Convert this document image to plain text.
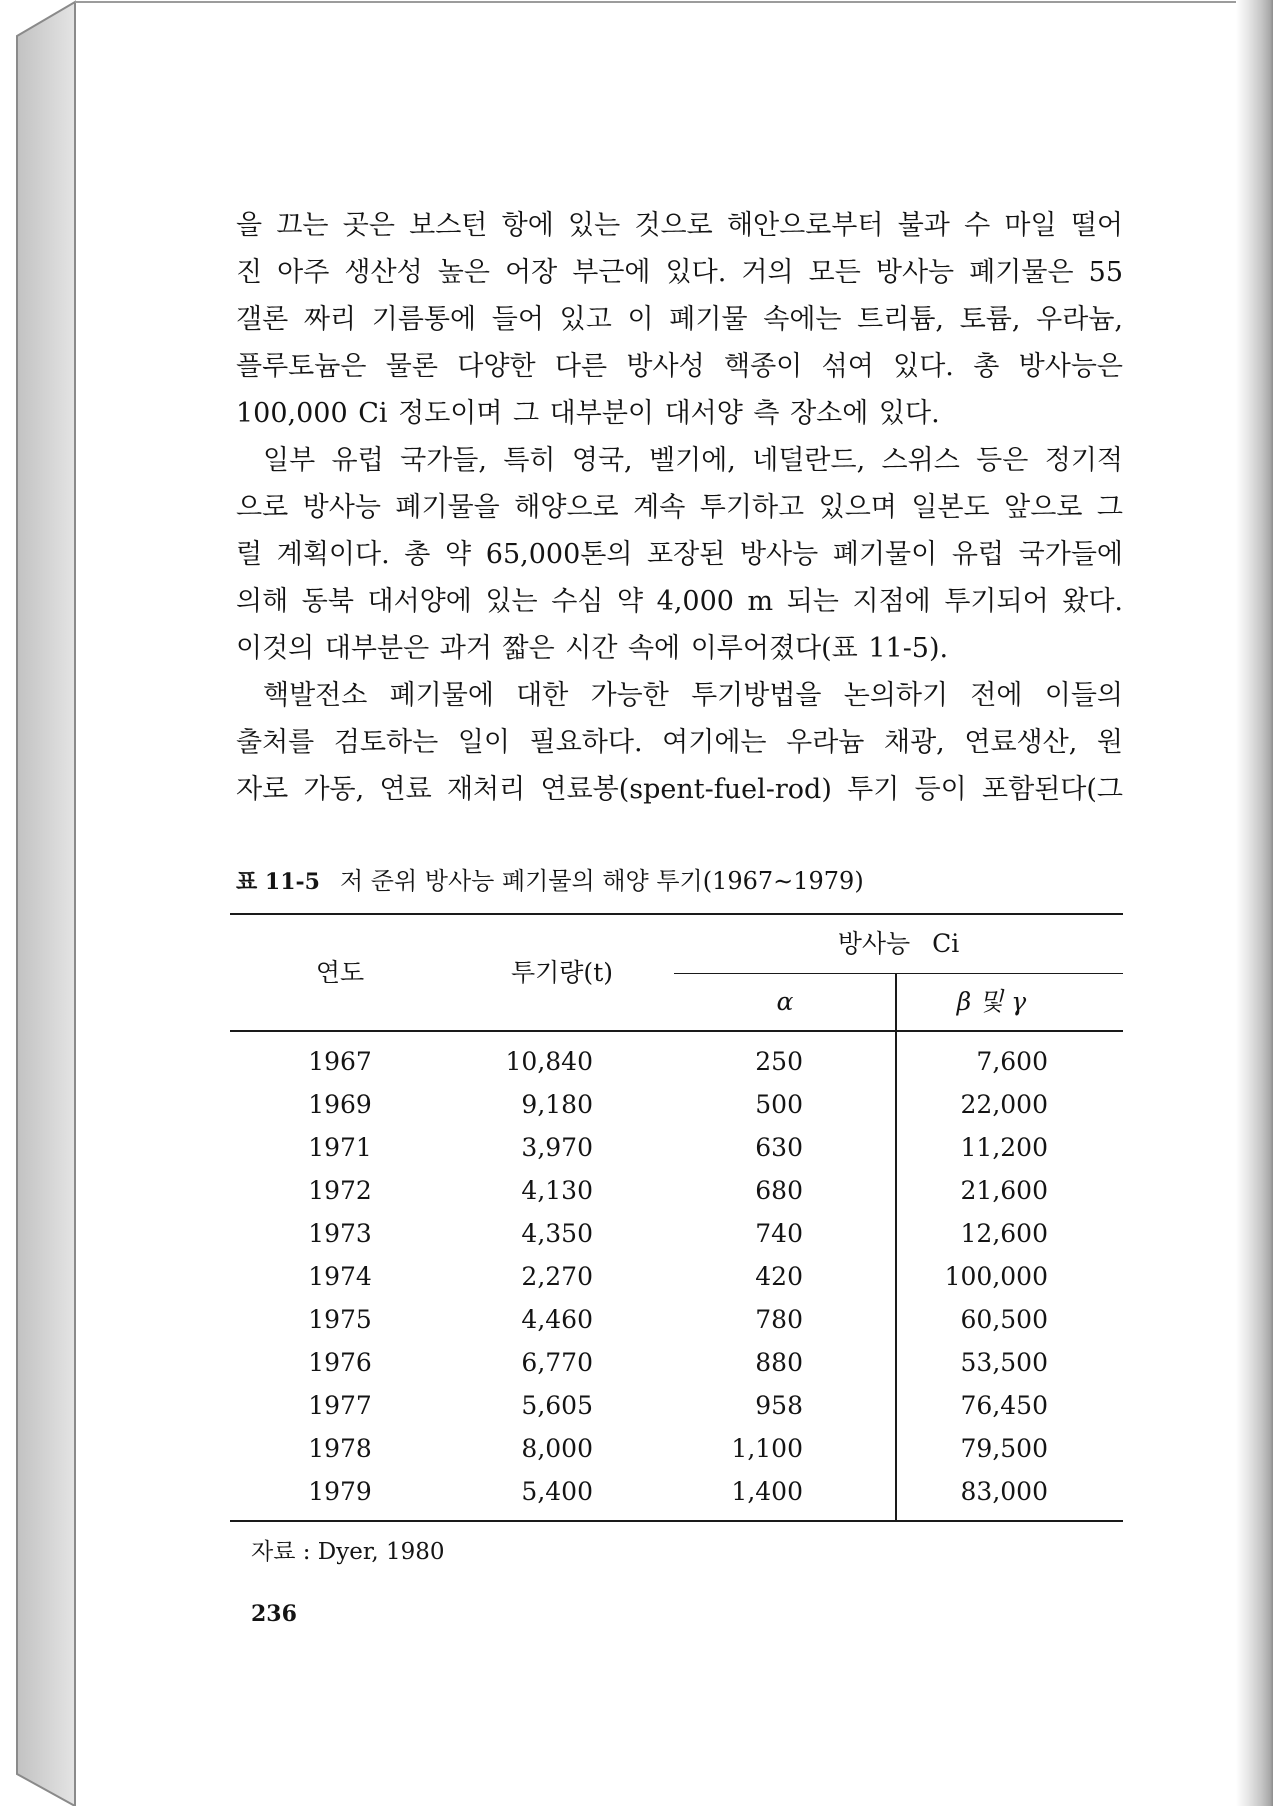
을 끄는 곳은 보스턴 항에 있는 것으로 해안으로부터 불과 수 마일 떨어
진 아주 생산성 높은 어장 부근에 있다. 거의 모든 방사능 폐기물은 55
갤론 짜리 기름통에 들어 있고 이 폐기물 속에는 트리튬, 토륨, 우라늄,
플루토늄은 물론 다양한 다른 방사성 핵종이 섞여 있다. 총 방사능은
100,000 Ci 정도이며 그 대부분이 대서양 측 장소에 있다.
일부 유럽 국가들, 특히 영국, 벨기에, 네덜란드, 스위스 등은 정기적
으로 방사능 폐기물을 해양으로 계속 투기하고 있으며 일본도 앞으로 그
럴 계획이다. 총 약 65,000톤의 포장된 방사능 폐기물이 유럽 국가들에
의해 동북 대서양에 있는 수심 약 4,000 m 되는 지점에 투기되어 왔다.
이것의 대부분은 과거 짧은 시간 속에 이루어졌다(표 11-5).
핵발전소 폐기물에 대한 가능한 투기방법을 논의하기 전에 이들의
출처를 검토하는 일이 필요하다. 여기에는 우라늄 채광, 연료생산, 원
자로 가동, 연료 재처리 연료봉(spent-fuel-rod) 투기 등이 포함된다(그
표 11-5 저 준위 방사능 폐기물의 해양 투기(1967∼1979)
방사능 Ci
연도	투기량(t)
α	β 및 γ
1967	10,840	250	7,600
1969	9,180	500	22,000
1971	3,970	630	11,200
1972	4,130	680	21,600
1973	4,350	740	12,600
1974	2,270	420	100,000
1975	4,460	780	60,500
1976	6,770	880	53,500
1977	5,605	958	76,450
1978	8,000	1,100	79,500
1979	5,400	1,400	83,000
자료 : Dyer, 1980
236
